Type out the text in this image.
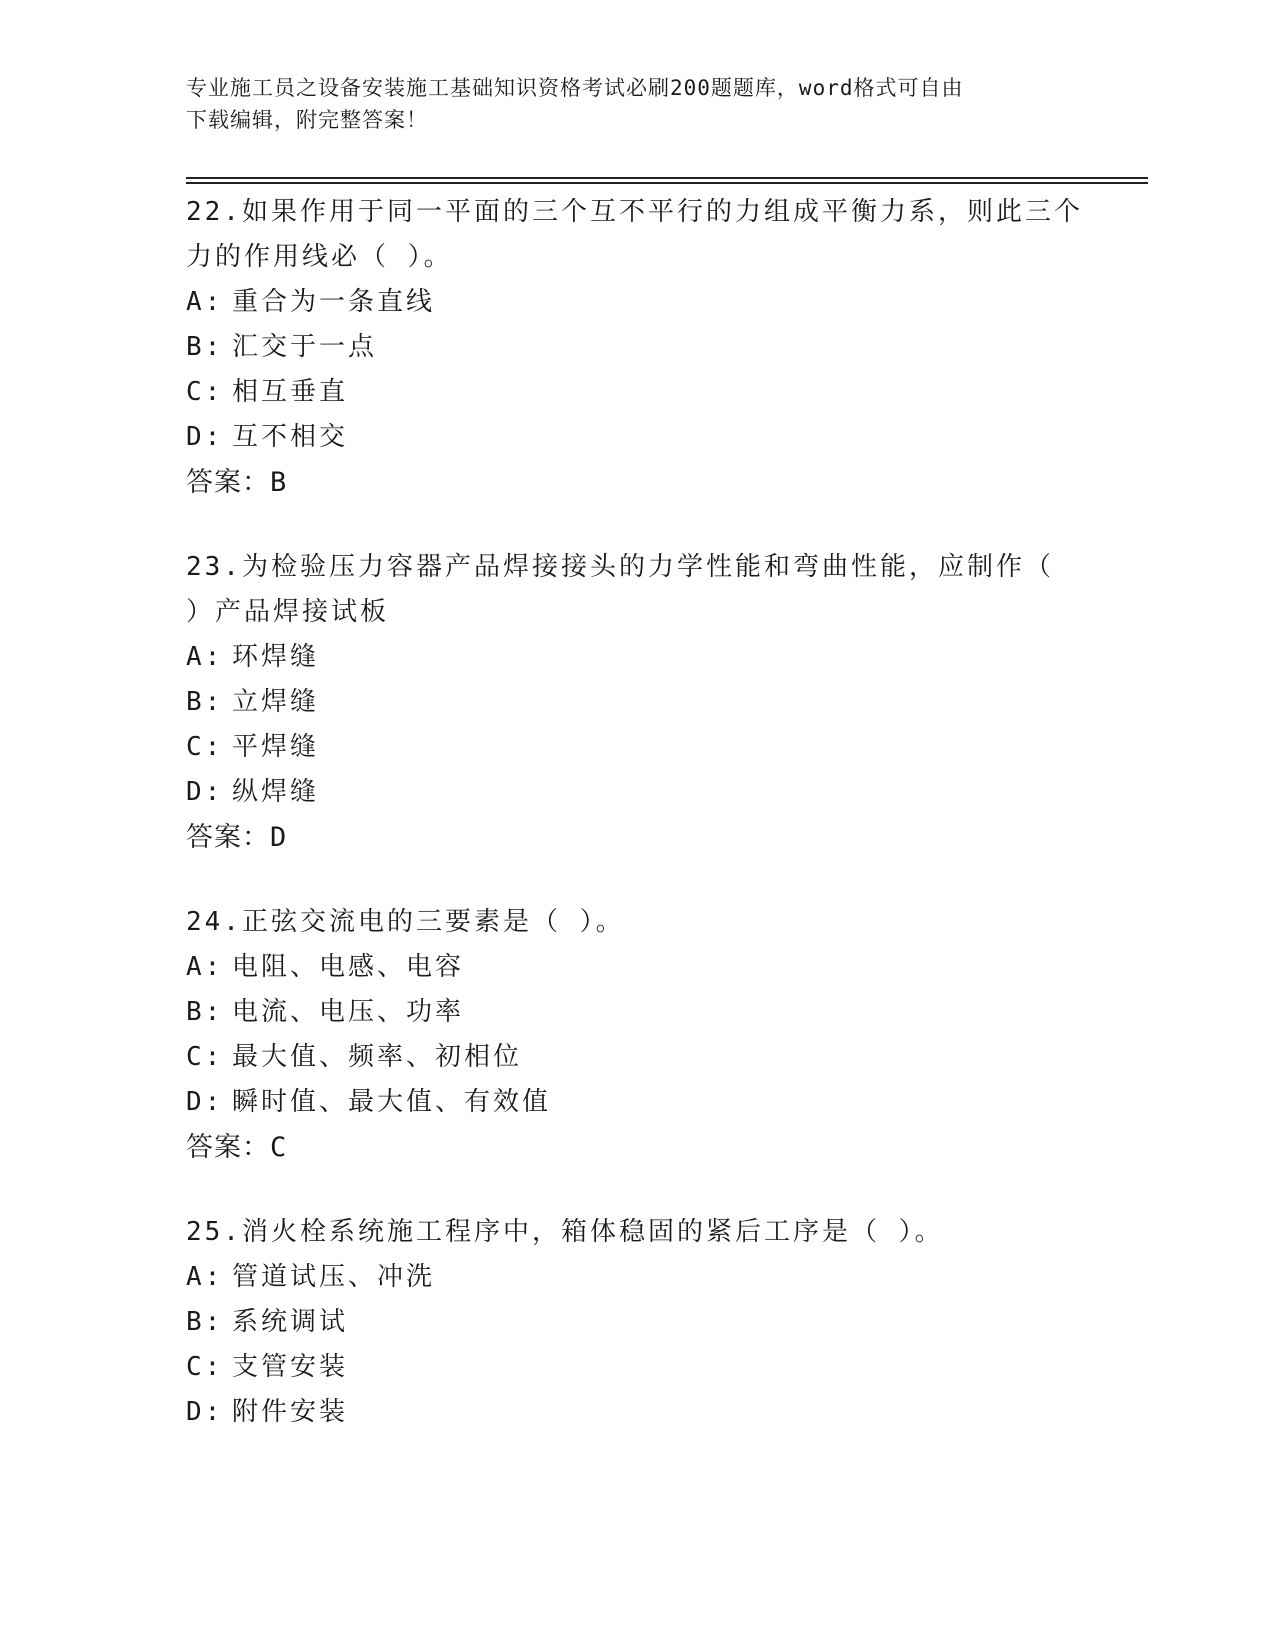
专业施工员之设备安装施工基础知识资格考试必刷200题题库，word格式可自由
下载编辑，附完整答案！
22.如果作用于同一平面的三个互不平行的力组成平衡力系，则此三个
力的作用线必（ ）。
A: 重合为一条直线
B: 汇交于一点
C: 相互垂直
D: 互不相交
答案：B
23.为检验压力容器产品焊接接头的力学性能和弯曲性能，应制作（
）产品焊接试板
A: 环焊缝
B: 立焊缝
C: 平焊缝
D: 纵焊缝
答案：D
24.正弦交流电的三要素是（ ）。
A: 电阻、电感、电容
B: 电流、电压、功率
C: 最大值、频率、初相位
D: 瞬时值、最大值、有效值
答案：C
25.消火栓系统施工程序中，箱体稳固的紧后工序是（ ）。
A: 管道试压、冲洗
B: 系统调试
C: 支管安装
D: 附件安装
